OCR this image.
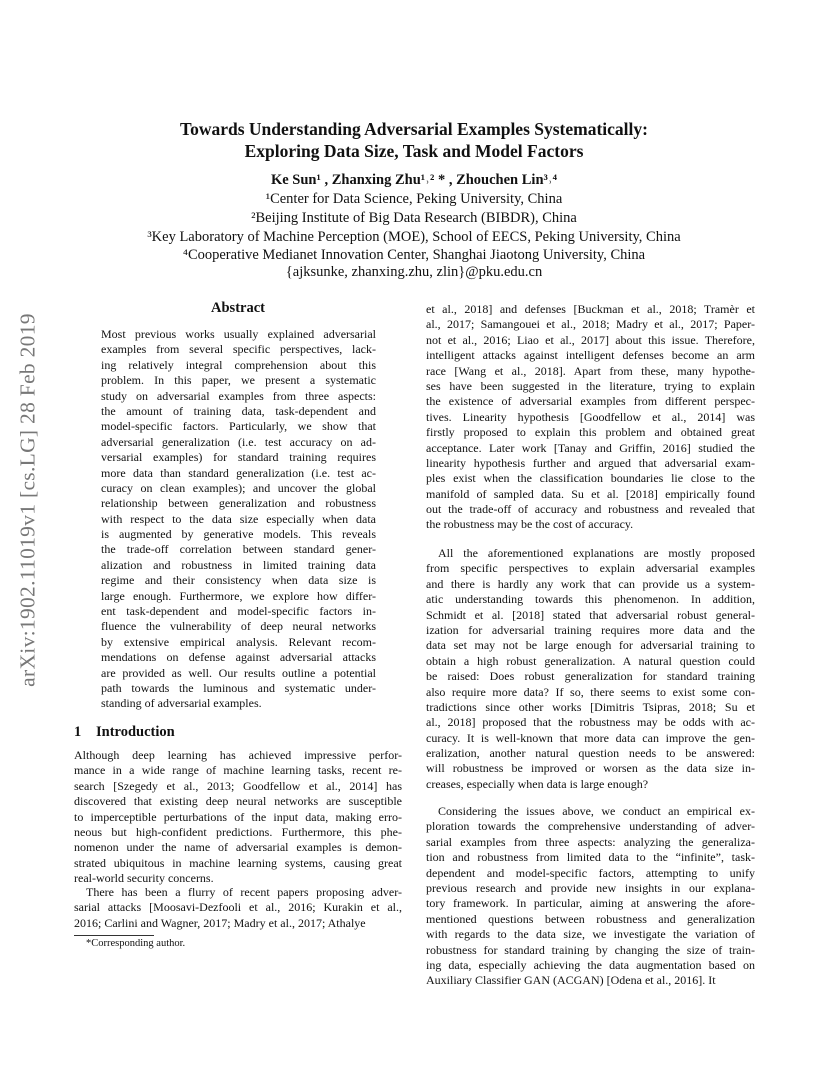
Towards Understanding Adversarial Examples Systematically:
Exploring Data Size, Task and Model Factors
Ke Sun¹ , Zhanxing Zhu¹˒² * , Zhouchen Lin³˒⁴
¹Center for Data Science, Peking University, China
²Beijing Institute of Big Data Research (BIBDR), China
³Key Laboratory of Machine Perception (MOE), School of EECS, Peking University, China
⁴Cooperative Medianet Innovation Center, Shanghai Jiaotong University, China
{ajksunke, zhanxing.zhu, zlin}@pku.edu.cn
arXiv:1902.11019v1 [cs.LG] 28 Feb 2019
Abstract
Most previous works usually explained adversarial
examples from several specific perspectives, lack-
ing relatively integral comprehension about this
problem. In this paper, we present a systematic
study on adversarial examples from three aspects:
the amount of training data, task-dependent and
model-specific factors. Particularly, we show that
adversarial generalization (i.e. test accuracy on ad-
versarial examples) for standard training requires
more data than standard generalization (i.e. test ac-
curacy on clean examples); and uncover the global
relationship between generalization and robustness
with respect to the data size especially when data
is augmented by generative models. This reveals
the trade-off correlation between standard gener-
alization and robustness in limited training data
regime and their consistency when data size is
large enough. Furthermore, we explore how differ-
ent task-dependent and model-specific factors in-
fluence the vulnerability of deep neural networks
by extensive empirical analysis. Relevant recom-
mendations on defense against adversarial attacks
are provided as well. Our results outline a potential
path towards the luminous and systematic under-
standing of adversarial examples.
1 Introduction
Although deep learning has achieved impressive perfor-
mance in a wide range of machine learning tasks, recent re-
search [Szegedy et al., 2013; Goodfellow et al., 2014] has
discovered that existing deep neural networks are susceptible
to imperceptible perturbations of the input data, making erro-
neous but high-confident predictions. Furthermore, this phe-
nomenon under the name of adversarial examples is demon-
strated ubiquitous in machine learning systems, causing great
real-world security concerns.
There has been a flurry of recent papers proposing adver-
sarial attacks [Moosavi-Dezfooli et al., 2016; Kurakin et al.,
2016; Carlini and Wagner, 2017; Madry et al., 2017; Athalye
*Corresponding author.
et al., 2018] and defenses [Buckman et al., 2018; Tramèr et
al., 2017; Samangouei et al., 2018; Madry et al., 2017; Paper-
not et al., 2016; Liao et al., 2017] about this issue. Therefore,
intelligent attacks against intelligent defenses become an arm
race [Wang et al., 2018]. Apart from these, many hypothe-
ses have been suggested in the literature, trying to explain
the existence of adversarial examples from different perspec-
tives. Linearity hypothesis [Goodfellow et al., 2014] was
firstly proposed to explain this problem and obtained great
acceptance. Later work [Tanay and Griffin, 2016] studied the
linearity hypothesis further and argued that adversarial exam-
ples exist when the classification boundaries lie close to the
manifold of sampled data. Su et al. [2018] empirically found
out the trade-off of accuracy and robustness and revealed that
the robustness may be the cost of accuracy.
All the aforementioned explanations are mostly proposed
from specific perspectives to explain adversarial examples
and there is hardly any work that can provide us a system-
atic understanding towards this phenomenon. In addition,
Schmidt et al. [2018] stated that adversarial robust general-
ization for adversarial training requires more data and the
data set may not be large enough for adversarial training to
obtain a high robust generalization. A natural question could
be raised: Does robust generalization for standard training
also require more data? If so, there seems to exist some con-
tradictions since other works [Dimitris Tsipras, 2018; Su et
al., 2018] proposed that the robustness may be odds with ac-
curacy. It is well-known that more data can improve the gen-
eralization, another natural question needs to be answered:
will robustness be improved or worsen as the data size in-
creases, especially when data is large enough?
Considering the issues above, we conduct an empirical ex-
ploration towards the comprehensive understanding of adver-
sarial examples from three aspects: analyzing the generaliza-
tion and robustness from limited data to the “infinite”, task-
dependent and model-specific factors, attempting to unify
previous research and provide new insights in our explana-
tory framework. In particular, aiming at answering the afore-
mentioned questions between robustness and generalization
with regards to the data size, we investigate the variation of
robustness for standard training by changing the size of train-
ing data, especially achieving the data augmentation based on
Auxiliary Classifier GAN (ACGAN) [Odena et al., 2016]. It
